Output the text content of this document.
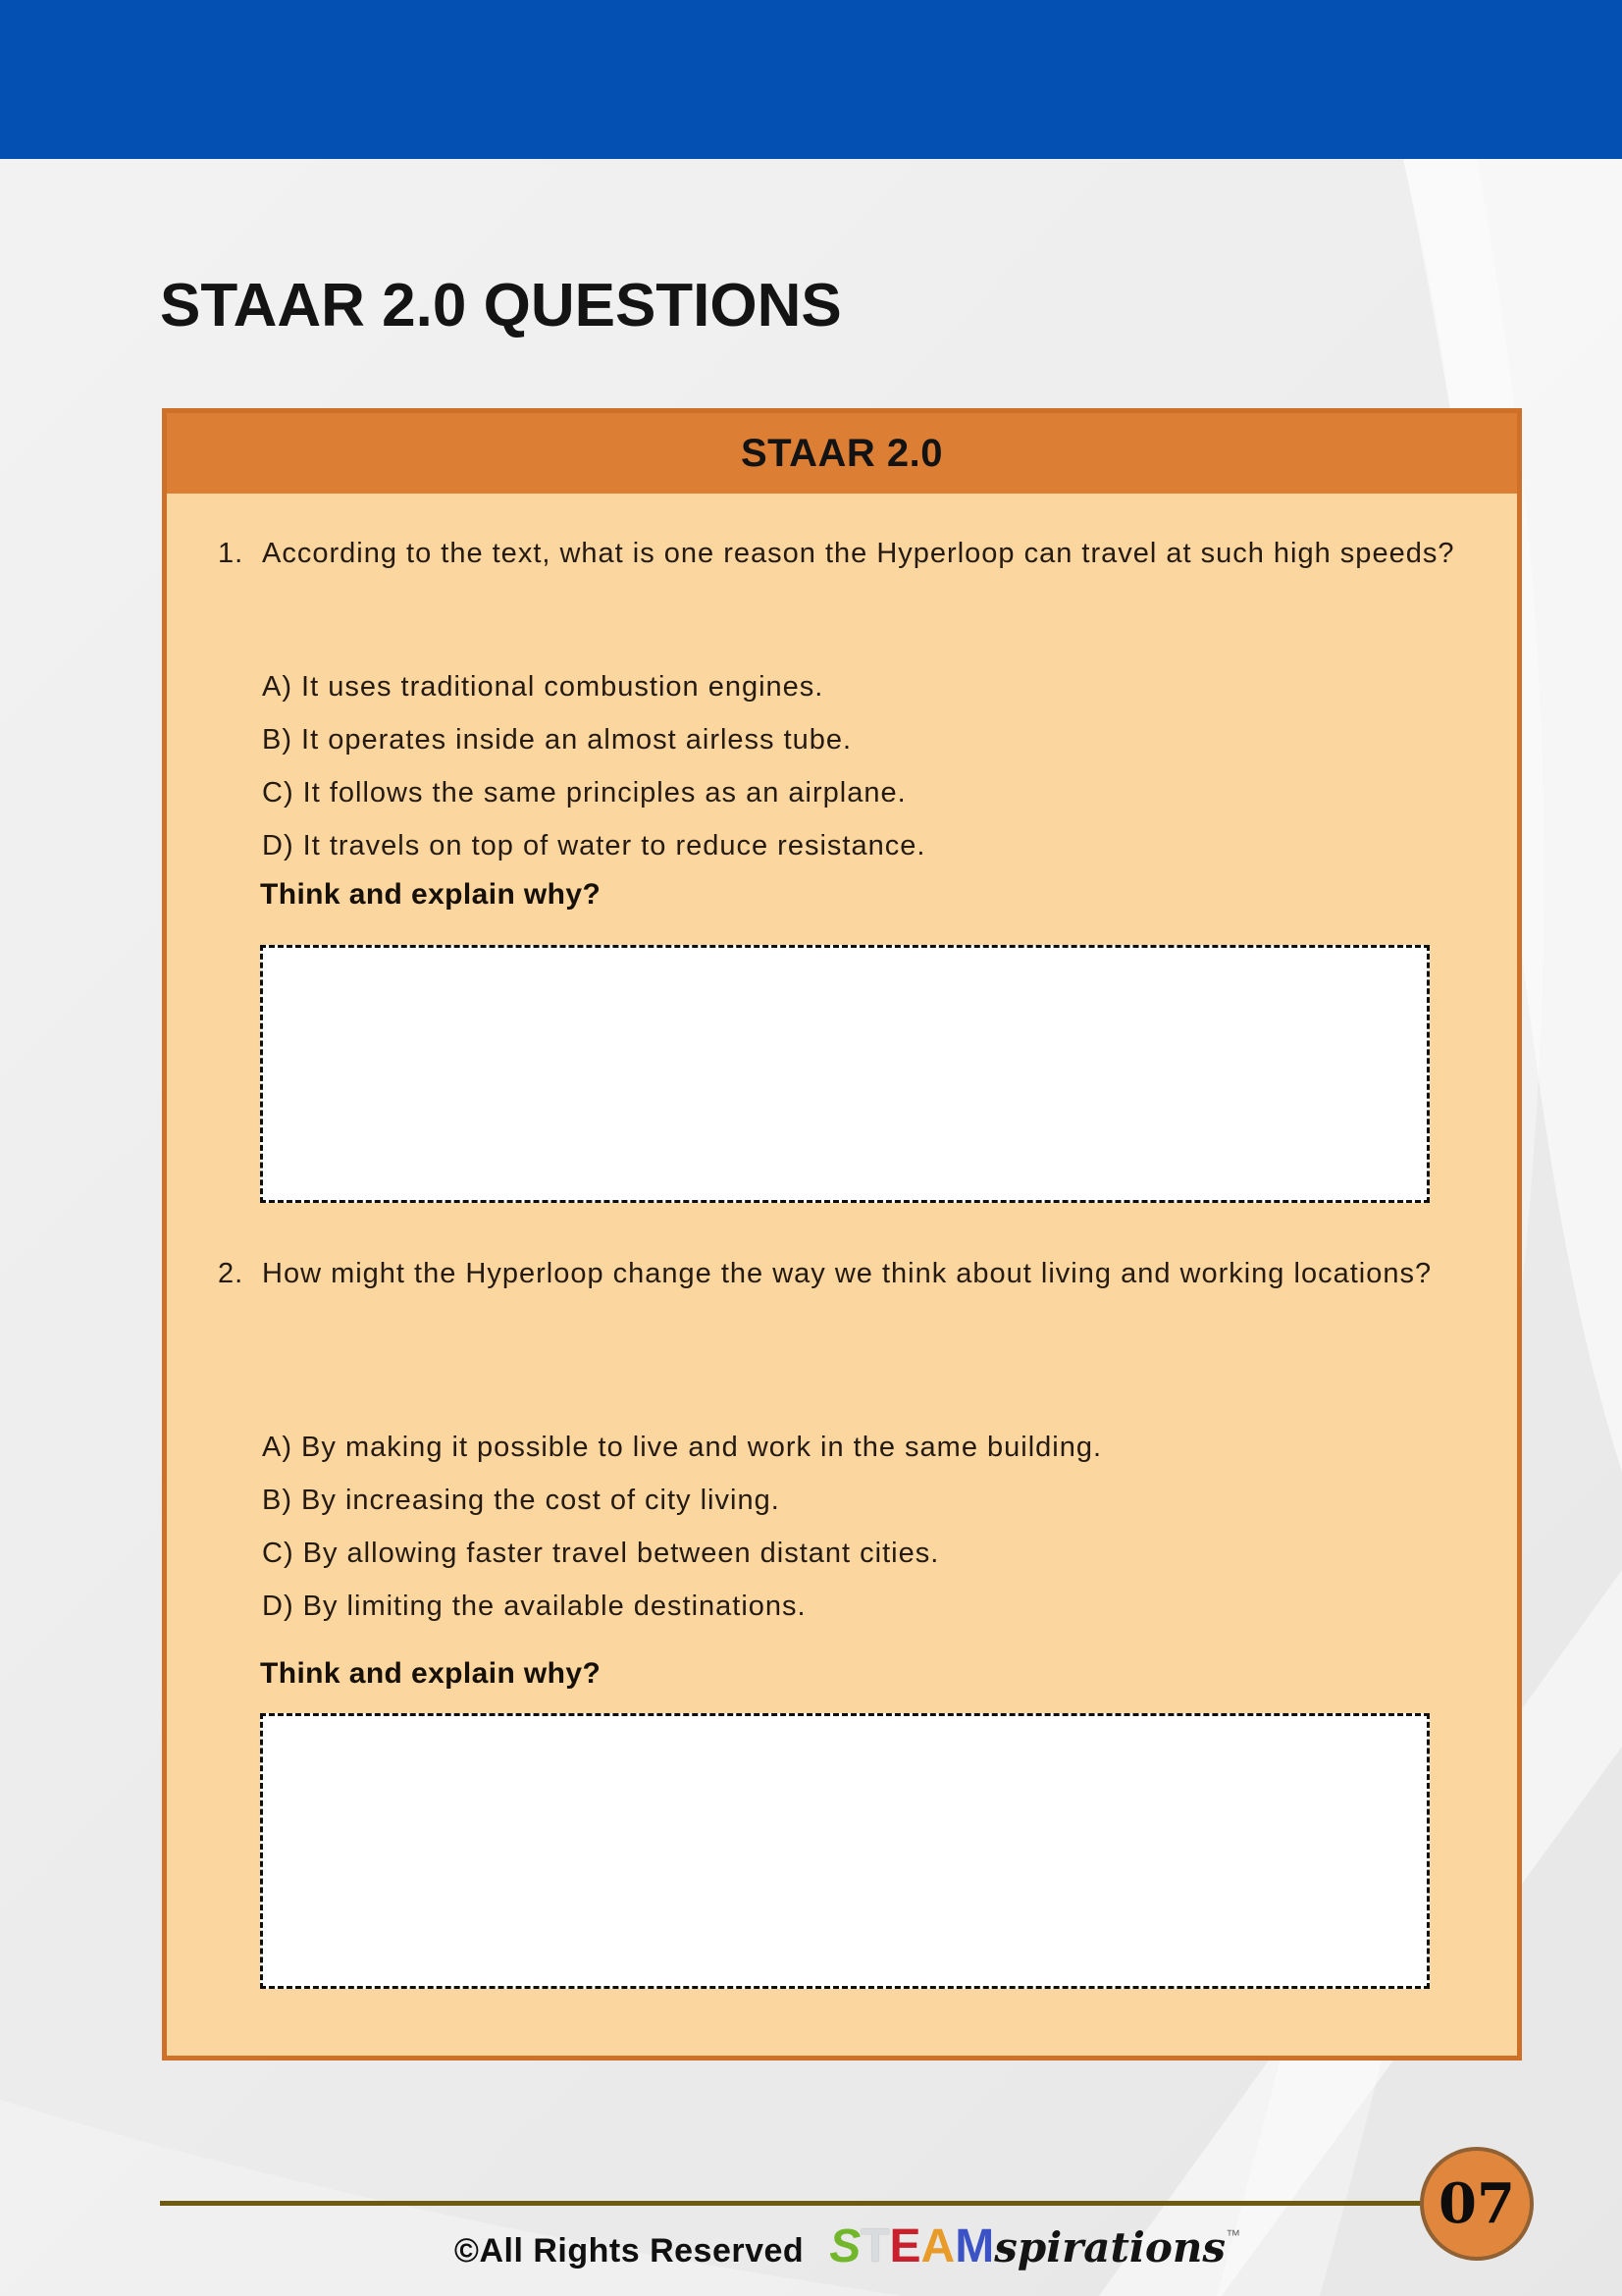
STAAR 2.0 QUESTIONS
STAAR 2.0
1. According to the text, what is one reason the Hyperloop can travel at such high speeds?
A) It uses traditional combustion engines.
B) It operates inside an almost airless tube.
C) It follows the same principles as an airplane.
D) It travels on top of water to reduce resistance.
Think and explain why?
2. How might the Hyperloop change the way we think about living and working locations?
A) By making it possible to live and work in the same building.
B) By increasing the cost of city living.
C) By allowing faster travel between distant cities.
D) By limiting the available destinations.
Think and explain why?
07
©All Rights Reserved S T E A M spirations ™
